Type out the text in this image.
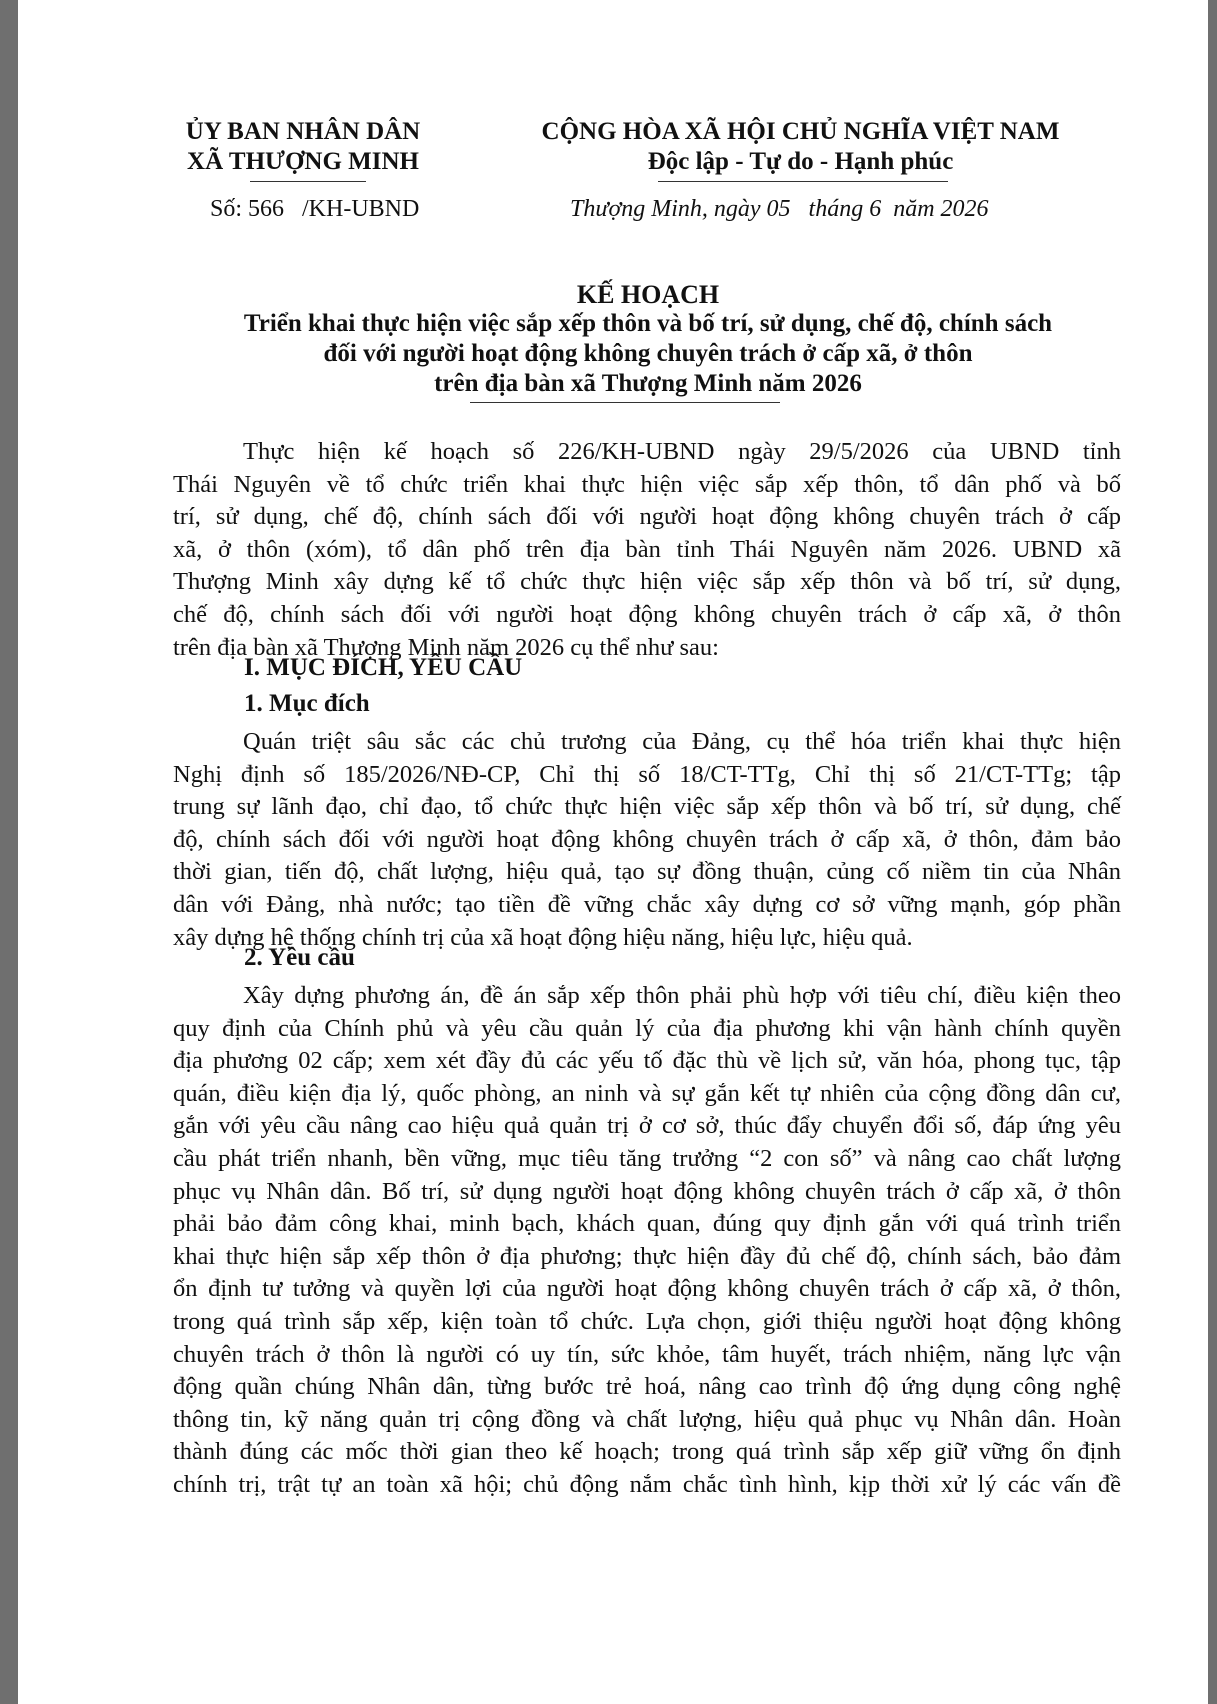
ỦY BAN NHÂN DÂN
XÃ THƯỢNG MINH
Số: 566   /KH-UBND
CỘNG HÒA XÃ HỘI CHỦ NGHĨA VIỆT NAM
Độc lập - Tự do - Hạnh phúc
Thượng Minh, ngày 05   tháng 6  năm 2026
KẾ HOẠCH
Triển khai thực hiện việc sắp xếp thôn và bố trí, sử dụng, chế độ, chính sách
đối với người hoạt động không chuyên trách ở cấp xã, ở thôn
trên địa bàn xã Thượng Minh năm 2026
Thực hiện kế hoạch số 226/KH-UBND ngày 29/5/2026 của UBND tỉnh
Thái Nguyên về tổ chức triển khai thực hiện việc sắp xếp thôn, tổ dân phố và bố
trí, sử dụng, chế độ, chính sách đối với người hoạt động không chuyên trách ở cấp
xã, ở thôn (xóm), tổ dân phố trên địa bàn tỉnh Thái Nguyên năm 2026. UBND xã
Thượng Minh xây dựng kế tổ chức thực hiện việc sắp xếp thôn và bố trí, sử dụng,
chế độ, chính sách đối với người hoạt động không chuyên trách ở cấp xã, ở thôn
trên địa bàn xã Thượng Minh năm 2026 cụ thể như sau:
I. MỤC ĐÍCH, YÊU CẦU
1. Mục đích
Quán triệt sâu sắc các chủ trương của Đảng, cụ thể hóa triển khai thực hiện
Nghị định số 185/2026/NĐ-CP, Chỉ thị số 18/CT-TTg, Chỉ thị số 21/CT-TTg; tập
trung sự lãnh đạo, chỉ đạo, tổ chức thực hiện việc sắp xếp thôn và bố trí, sử dụng, chế
độ, chính sách đối với người hoạt động không chuyên trách ở cấp xã, ở thôn, đảm bảo
thời gian, tiến độ, chất lượng, hiệu quả, tạo sự đồng thuận, củng cố niềm tin của Nhân
dân với Đảng, nhà nước; tạo tiền đề vững chắc xây dựng cơ sở vững mạnh, góp phần
xây dựng hệ thống chính trị của xã hoạt động hiệu năng, hiệu lực, hiệu quả.
2. Yêu cầu
Xây dựng phương án, đề án sắp xếp thôn phải phù hợp với tiêu chí, điều kiện theo
quy định của Chính phủ và yêu cầu quản lý của địa phương khi vận hành chính quyền
địa phương 02 cấp; xem xét đầy đủ các yếu tố đặc thù về lịch sử, văn hóa, phong tục, tập
quán, điều kiện địa lý, quốc phòng, an ninh và sự gắn kết tự nhiên của cộng đồng dân cư,
gắn với yêu cầu nâng cao hiệu quả quản trị ở cơ sở, thúc đẩy chuyển đổi số, đáp ứng yêu
cầu phát triển nhanh, bền vững, mục tiêu tăng trưởng “2 con số” và nâng cao chất lượng
phục vụ Nhân dân. Bố trí, sử dụng người hoạt động không chuyên trách ở cấp xã, ở thôn
phải bảo đảm công khai, minh bạch, khách quan, đúng quy định gắn với quá trình triển
khai thực hiện sắp xếp thôn ở địa phương; thực hiện đầy đủ chế độ, chính sách, bảo đảm
ổn định tư tưởng và quyền lợi của người hoạt động không chuyên trách ở cấp xã, ở thôn,
trong quá trình sắp xếp, kiện toàn tổ chức. Lựa chọn, giới thiệu người hoạt động không
chuyên trách ở thôn là người có uy tín, sức khỏe, tâm huyết, trách nhiệm, năng lực vận
động quần chúng Nhân dân, từng bước trẻ hoá, nâng cao trình độ ứng dụng công nghệ
thông tin, kỹ năng quản trị cộng đồng và chất lượng, hiệu quả phục vụ Nhân dân. Hoàn
thành đúng các mốc thời gian theo kế hoạch; trong quá trình sắp xếp giữ vững ổn định
chính trị, trật tự an toàn xã hội; chủ động nắm chắc tình hình, kịp thời xử lý các vấn đề
